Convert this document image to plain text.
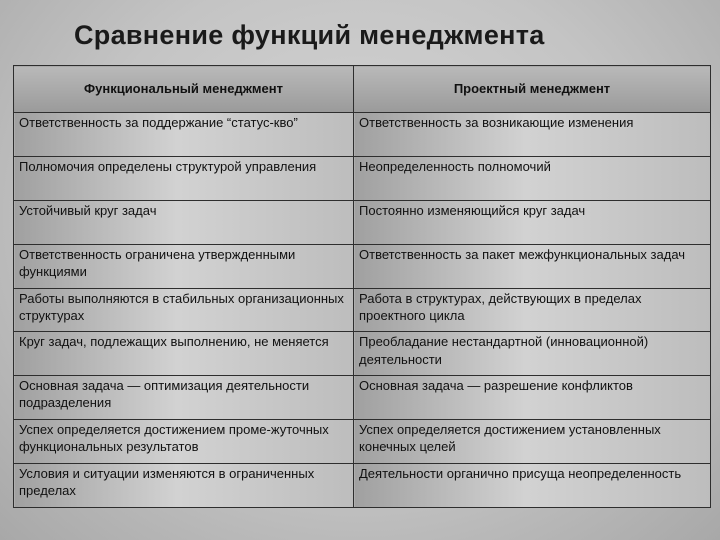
Сравнение функций менеджмента
Функциональный менеджмент	Проектный менеджмент
Ответственность за поддержание “статус-кво”	Ответственность за возникающие изменения
Полномочия определены структурой управления	Неопределенность полномочий
Устойчивый круг задач	Постоянно изменяющийся круг задач
Ответственность ограничена утвержденными функциями	Ответственность за пакет межфункциональных задач
Работы выполняются в стабильных организационных структурах	Работа в структурах, действующих в пределах проектного цикла
Круг задач, подлежащих выполнению, не меняется	Преобладание нестандартной (инновационной) деятельности
Основная задача — оптимизация деятельности подразделения	Основная задача — разрешение конфликтов
Успех определяется достижением проме-жуточных функциональных результатов	Успех определяется достижением установленных конечных целей
Условия и ситуации изменяются в ограниченных пределах	Деятельности органично присуща неопределенность
